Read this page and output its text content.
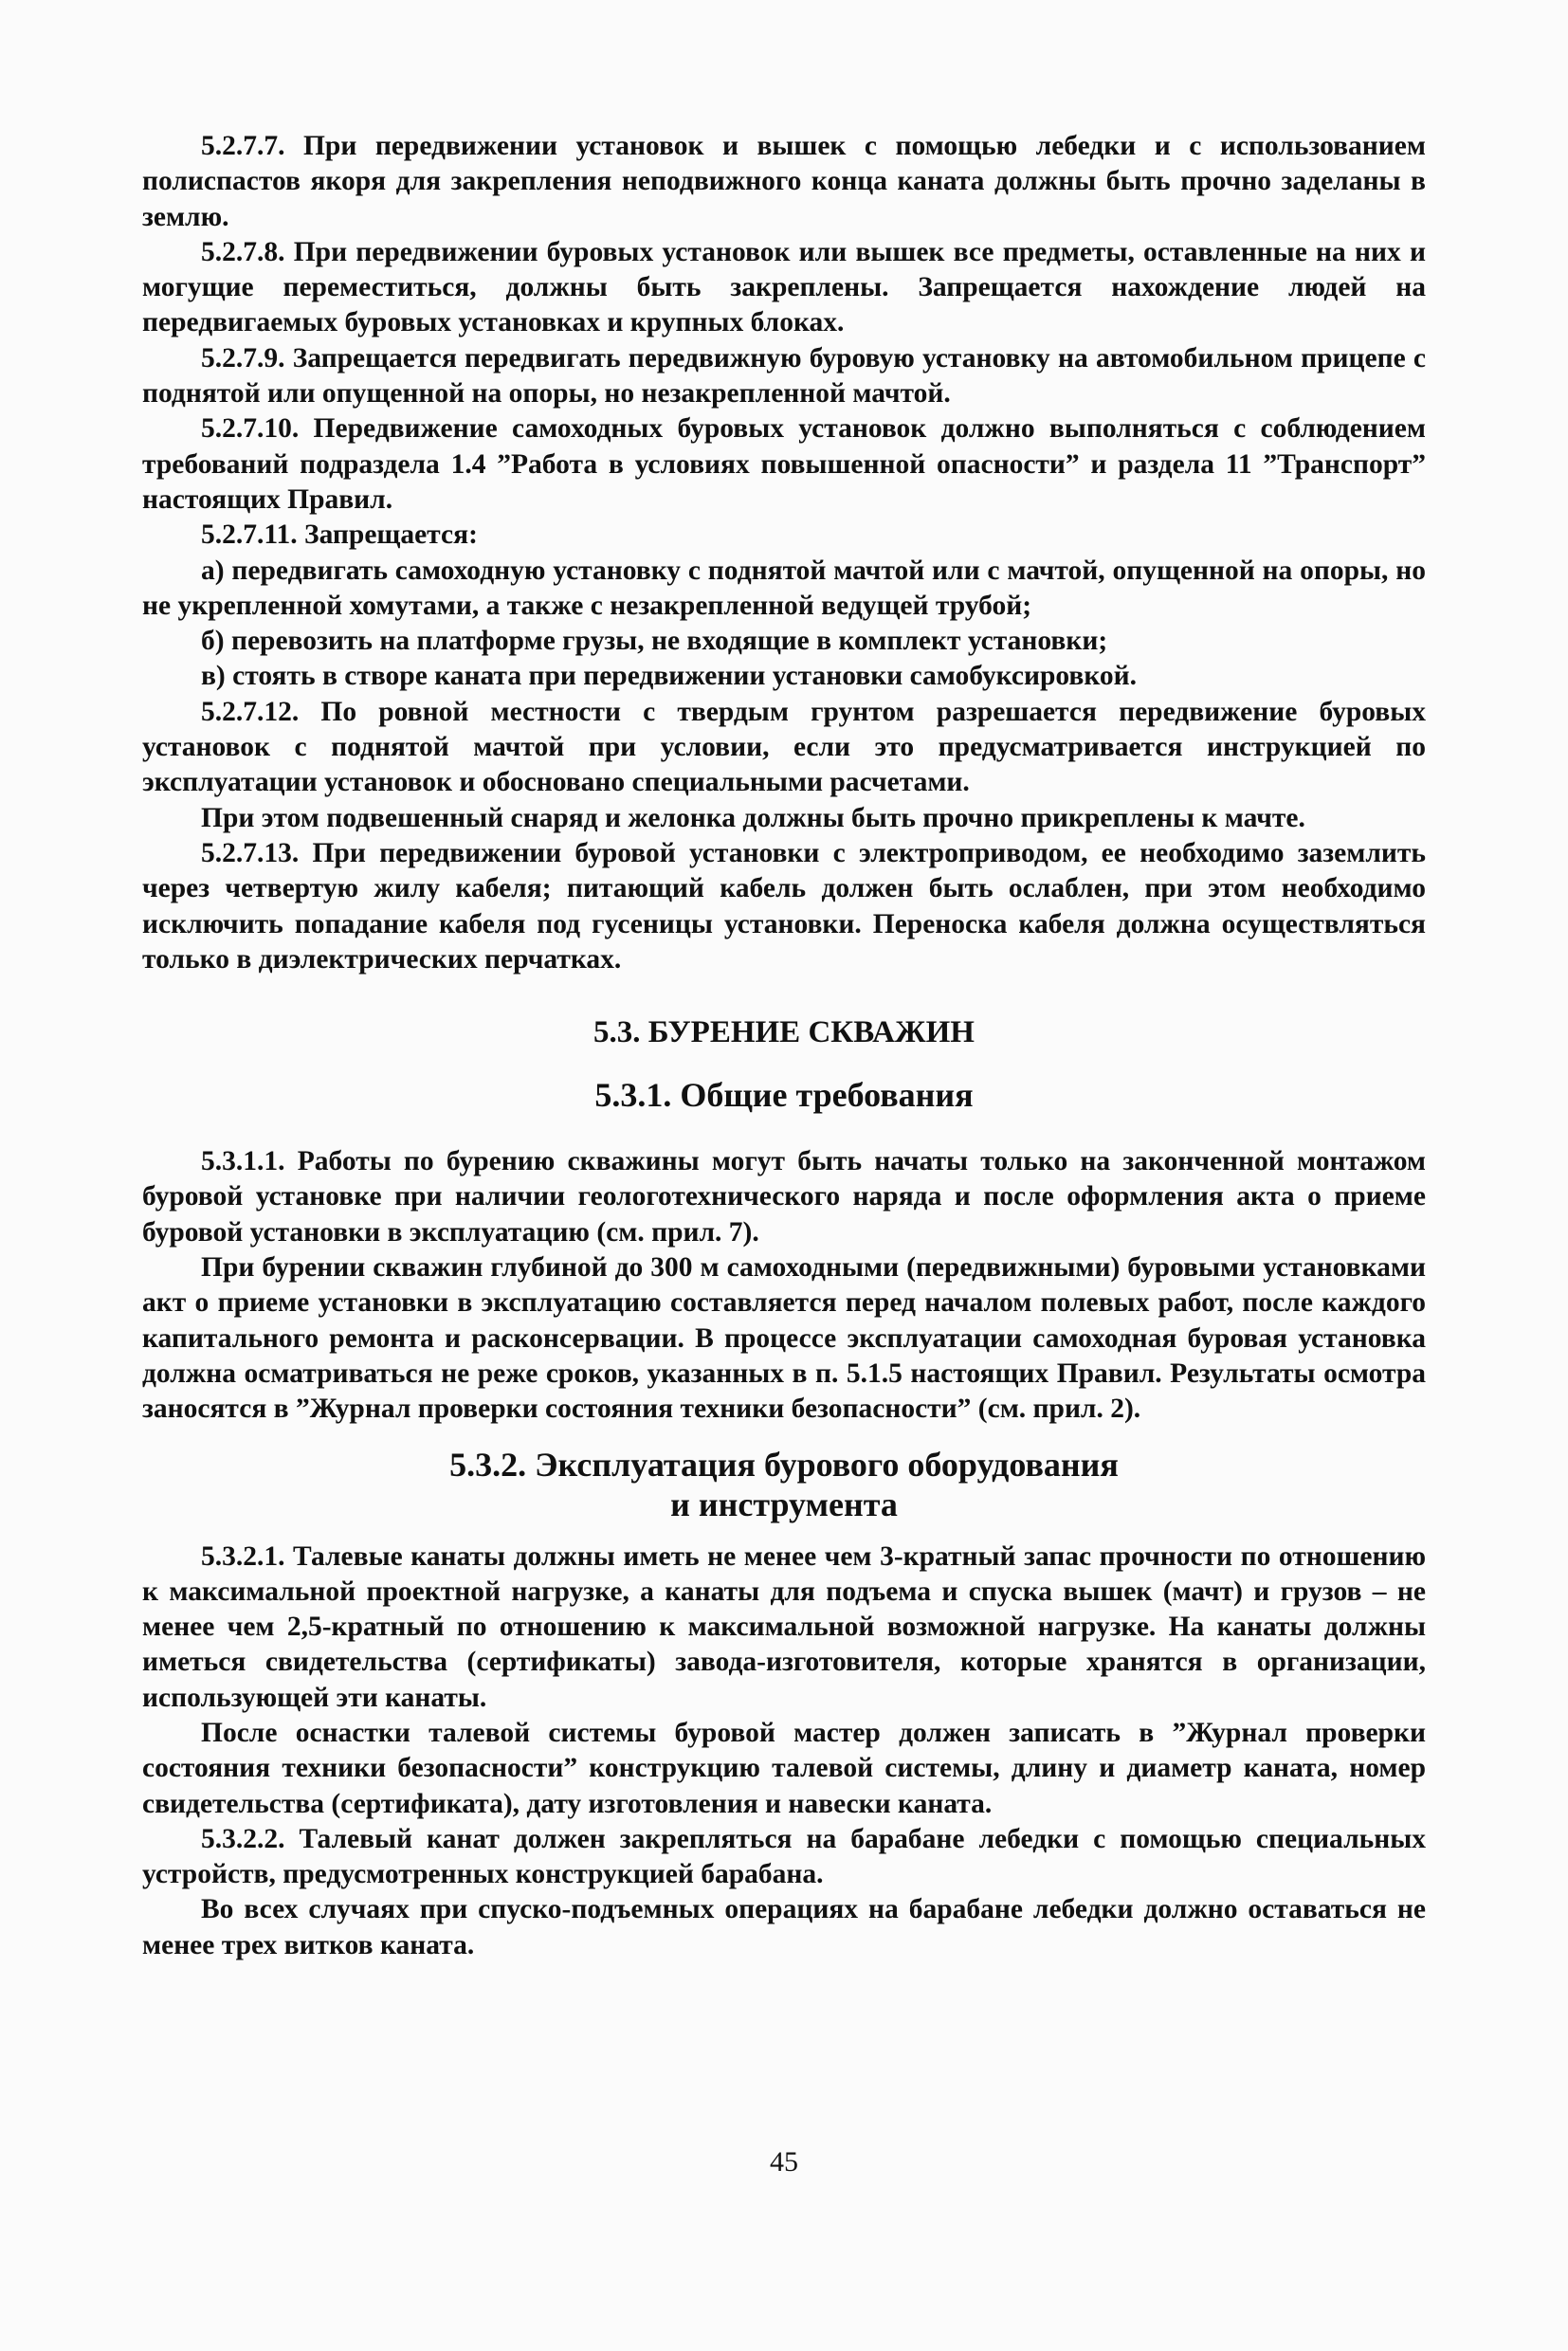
5.2.7.7. При передвижении установок и вышек с помощью лебедки и с использованием полиспастов якоря для закрепления неподвижного конца каната должны быть прочно заделаны в землю.

5.2.7.8. При передвижении буровых установок или вышек все предметы, оставленные на них и могущие переместиться, должны быть закреплены. Запрещается нахождение людей на передвигаемых буровых установках и крупных блоках.

5.2.7.9. Запрещается передвигать передвижную буровую установку на автомобильном прицепе с поднятой или опущенной на опоры, но незакрепленной мачтой.

5.2.7.10. Передвижение самоходных буровых установок должно выполняться с соблюдением требований подраздела 1.4 ”Работа в условиях повышенной опасности” и раздела 11 ”Транспорт” настоящих Правил.

5.2.7.11. Запрещается:

а) передвигать самоходную установку с поднятой мачтой или с мачтой, опущенной на опоры, но не укрепленной хомутами, а также с незакрепленной ведущей трубой;

б) перевозить на платформе грузы, не входящие в комплект установки;

в) стоять в створе каната при передвижении установки самобуксировкой.

5.2.7.12. По ровной местности с твердым грунтом разрешается передвижение буровых установок с поднятой мачтой при условии, если это предусматривается инструкцией по эксплуатации установок и обосновано специальными расчетами.

При этом подвешенный снаряд и желонка должны быть прочно прикреплены к мачте.

5.2.7.13. При передвижении буровой установки с электроприводом, ее необходимо заземлить через четвертую жилу кабеля; питающий кабель должен быть ослаблен, при этом необходимо исключить попадание кабеля под гусеницы установки. Переноска кабеля должна осуществляться только в диэлектрических перчатках.

5.3. БУРЕНИЕ СКВАЖИН
5.3.1. Общие требования

5.3.1.1. Работы по бурению скважины могут быть начаты только на законченной монтажом буровой установке при наличии геологотехнического наряда и после оформления акта о приеме буровой установки в эксплуатацию (см. прил. 7).

При бурении скважин глубиной до 300 м самоходными (передвижными) буровыми установками акт о приеме установки в эксплуатацию составляется перед началом полевых работ, после каждого капитального ремонта и расконсервации. В процессе эксплуатации самоходная буровая установка должна осматриваться не реже сроков, указанных в п. 5.1.5 настоящих Правил. Результаты осмотра заносятся в ”Журнал проверки состояния техники безопасности” (см. прил. 2).

5.3.2. Эксплуатация бурового оборудования
и инструмента

5.3.2.1. Талевые канаты должны иметь не менее чем 3-кратный запас прочности по отношению к максимальной проектной нагрузке, а канаты для подъема и спуска вышек (мачт) и грузов – не менее чем 2,5-кратный по отношению к максимальной возможной нагрузке. На канаты должны иметься свидетельства (сертификаты) завода-изготовителя, которые хранятся в организации, использующей эти канаты.

После оснастки талевой системы буровой мастер должен записать в ”Журнал проверки состояния техники безопасности” конструкцию талевой системы, длину и диаметр каната, номер свидетельства (сертификата), дату изготовления и навески каната.

5.3.2.2. Талевый канат должен закрепляться на барабане лебедки с помощью специальных устройств, предусмотренных конструкцией барабана.

Во всех случаях при спуско-подъемных операциях на барабане лебедки должно оставаться не менее трех витков каната.

45
